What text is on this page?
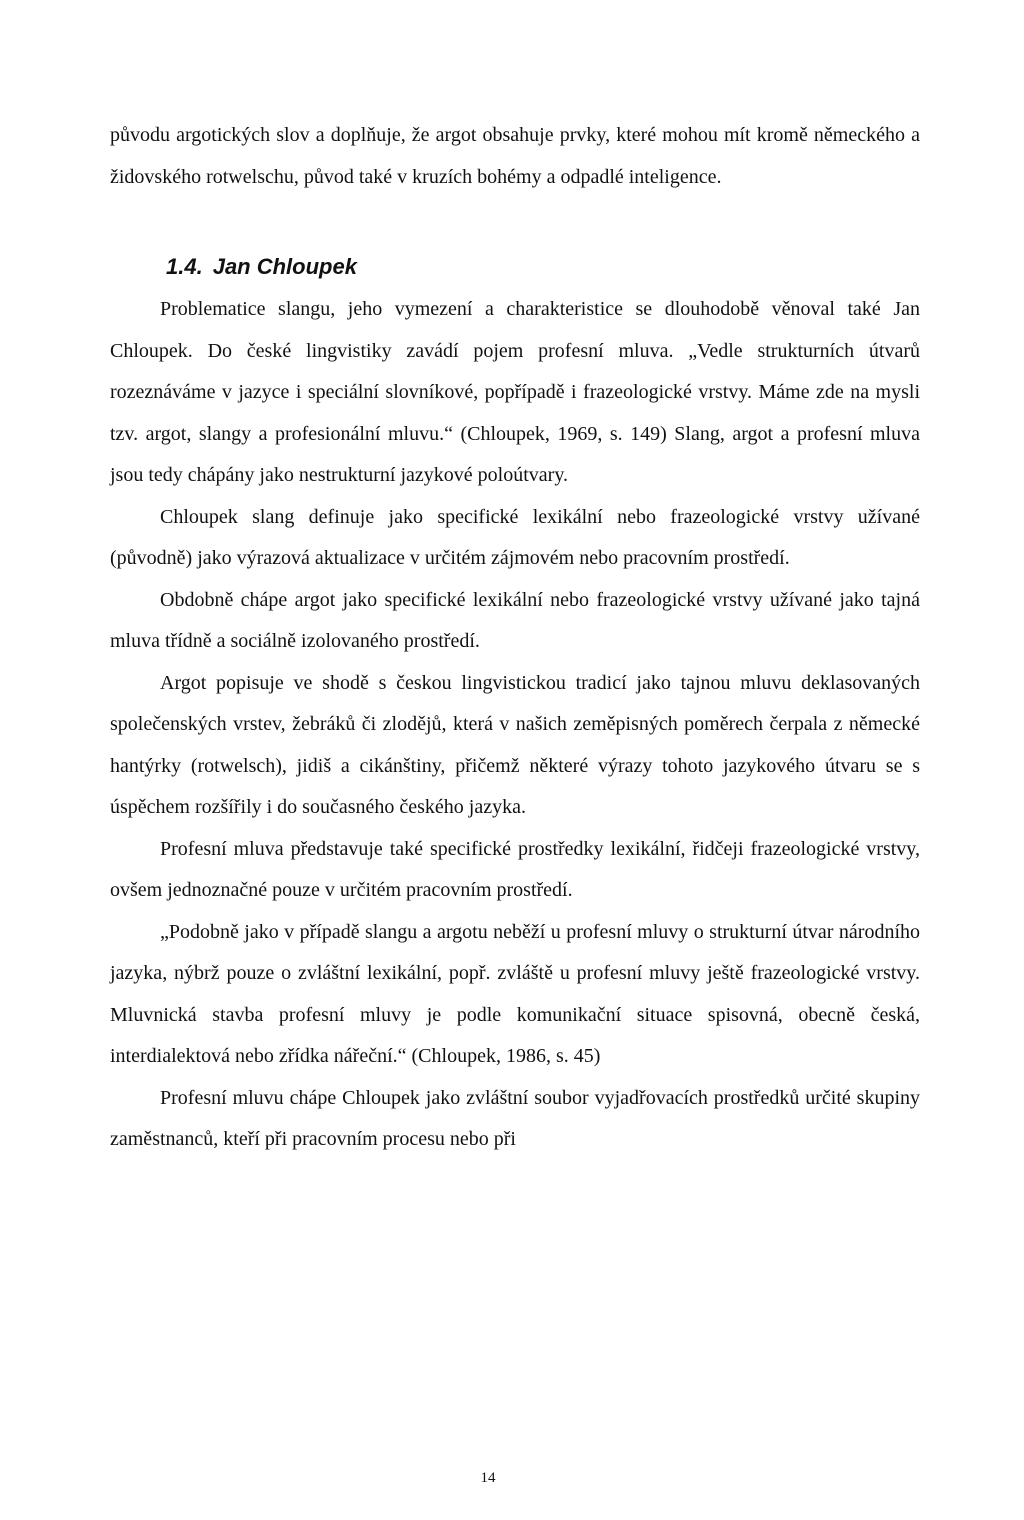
původu argotických slov a doplňuje, že argot obsahuje prvky, které mohou mít kromě německého a židovského rotwelschu, původ také v kruzích bohémy a odpadlé inteligence.

1.4. Jan Chloupek

Problematice slangu, jeho vymezení a charakteristice se dlouhodobě věnoval také Jan Chloupek. Do české lingvistiky zavádí pojem profesní mluva. „Vedle strukturních útvarů rozeznáváme v jazyce i speciální slovníkové, popřípadě i frazeologické vrstvy. Máme zde na mysli tzv. argot, slangy a profesionální mluvu.“ (Chloupek, 1969, s. 149) Slang, argot a profesní mluva jsou tedy chápány jako nestrukturní jazykové poloútvary.

Chloupek slang definuje jako specifické lexikální nebo frazeologické vrstvy užívané (původně) jako výrazová aktualizace v určitém zájmovém nebo pracovním prostředí.

Obdobně chápe argot jako specifické lexikální nebo frazeologické vrstvy užívané jako tajná mluva třídně a sociálně izolovaného prostředí.

Argot popisuje ve shodě s českou lingvistickou tradicí jako tajnou mluvu deklasovaných společenských vrstev, žebráků či zlodějů, která v našich zeměpisných poměrech čerpala z německé hantýrky (rotwelsch), jidiš a cikánštiny, přičemž některé výrazy tohoto jazykového útvaru se s úspěchem rozšířily i do současného českého jazyka.

Profesní mluva představuje také specifické prostředky lexikální, řidčeji frazeologické vrstvy, ovšem jednoznačné pouze v určitém pracovním prostředí.

„Podobně jako v případě slangu a argotu neběží u profesní mluvy o strukturní útvar národního jazyka, nýbrž pouze o zvláštní lexikální, popř. zvláště u profesní mluvy ještě frazeologické vrstvy. Mluvnická stavba profesní mluvy je podle komunikační situace spisovná, obecně česká, interdialektová nebo zřídka nářeční.“ (Chloupek, 1986, s. 45)

Profesní mluvu chápe Chloupek jako zvláštní soubor vyjadřovacích prostředků určité skupiny zaměstnanců, kteří při pracovním procesu nebo při

14
